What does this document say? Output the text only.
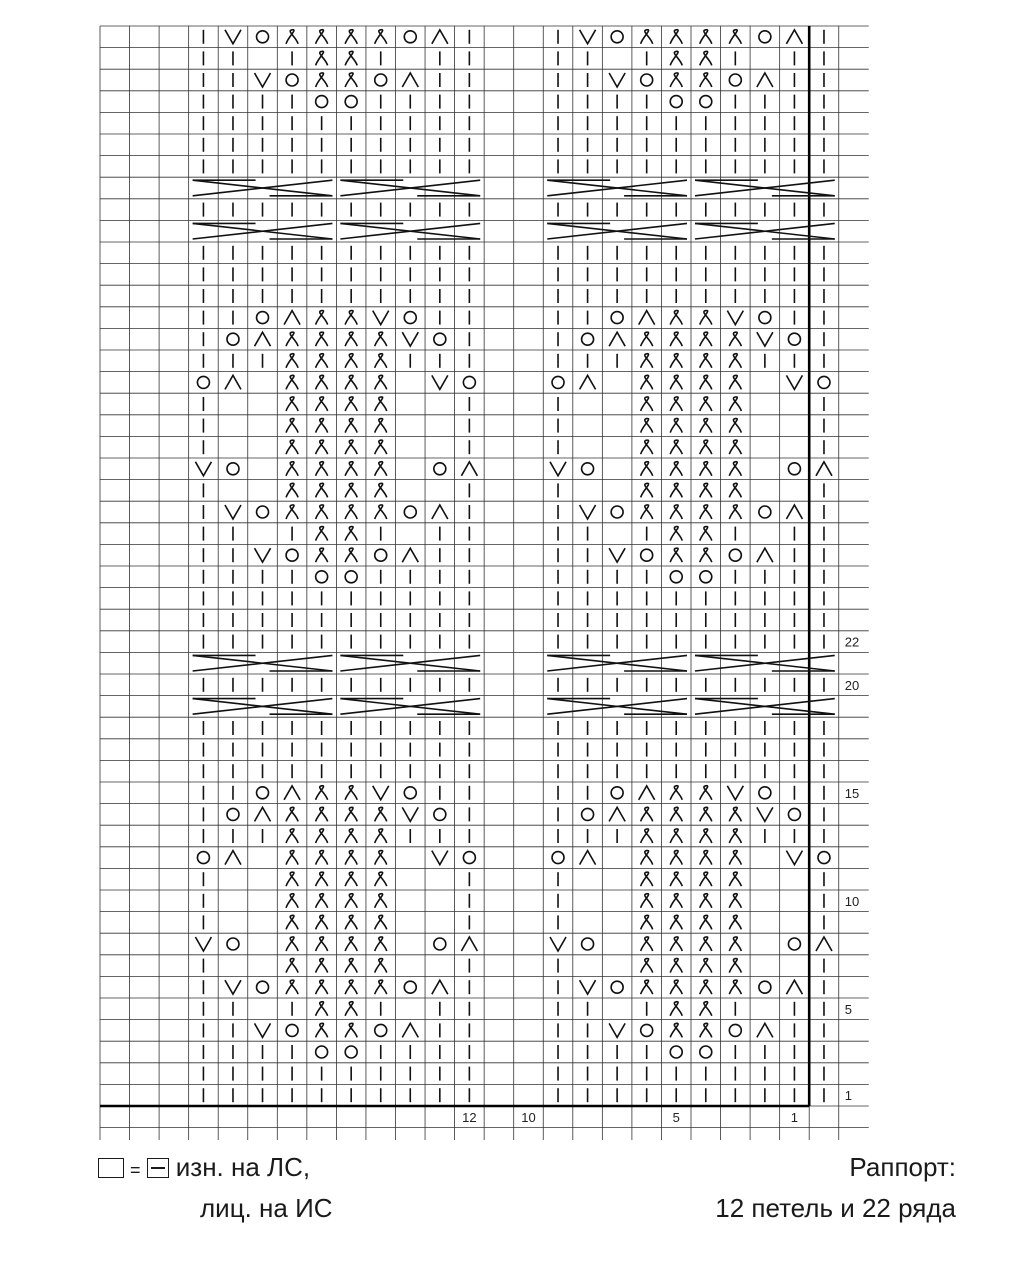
22
20
15
10
5
1
12	10	5	1
= изн. на ЛС,
лиц. на ИС
Раппорт:
12 петель и 22 ряда
